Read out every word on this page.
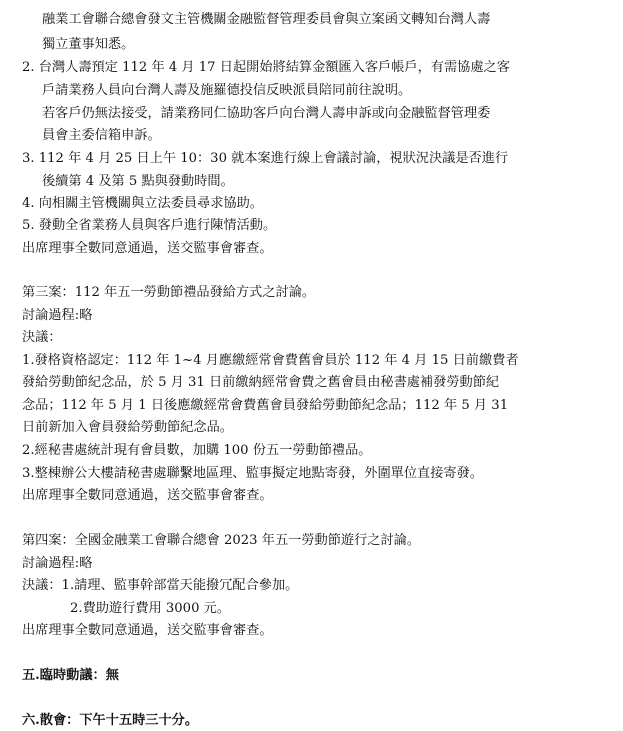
融業工會聯合總會發文主管機關金融監督管理委員會與立案函文轉知台灣人壽
獨立董事知悉。
2. 台灣人壽預定 112 年 4 月 17 日起開始將結算金額匯入客戶帳戶，有需協處之客
戶請業務人員向台灣人壽及施羅德投信反映派員陪同前往說明。
若客戶仍無法接受，請業務同仁協助客戶向台灣人壽申訴或向金融監督管理委
員會主委信箱申訴。
3. 112 年 4 月 25 日上午 10：30 就本案進行線上會議討論，視狀況決議是否進行
後續第 4 及第 5 點與發動時間。
4. 向相關主管機關與立法委員尋求協助。
5. 發動全省業務人員與客戶進行陳情活動。
出席理事全數同意通過，送交監事會審查。
第三案：112 年五一勞動節禮品發給方式之討論。
討論過程:略
決議：
1.發格資格認定：112 年 1~4 月應繳經常會費舊會員於 112 年 4 月 15 日前繳費者
發給勞動節紀念品，於 5 月 31 日前繳納經常會費之舊會員由秘書處補發勞動節紀
念品；112 年 5 月 1 日後應繳經常會費舊會員發給勞動節紀念品；112 年 5 月 31
日前新加入會員發給勞動節紀念品。
2.經秘書處統計現有會員數，加購 100 份五一勞動節禮品。
3.整棟辦公大樓請秘書處聯繫地區理、監事擬定地點寄發，外圍單位直接寄發。
出席理事全數同意通過，送交監事會審查。
第四案：全國金融業工會聯合總會 2023 年五一勞動節遊行之討論。
討論過程:略
決議：1.請理、監事幹部當天能撥冗配合參加。
2.費助遊行費用 3000 元。
出席理事全數同意通過，送交監事會審查。
五.臨時動議：無
六.散會：下午十五時三十分。
